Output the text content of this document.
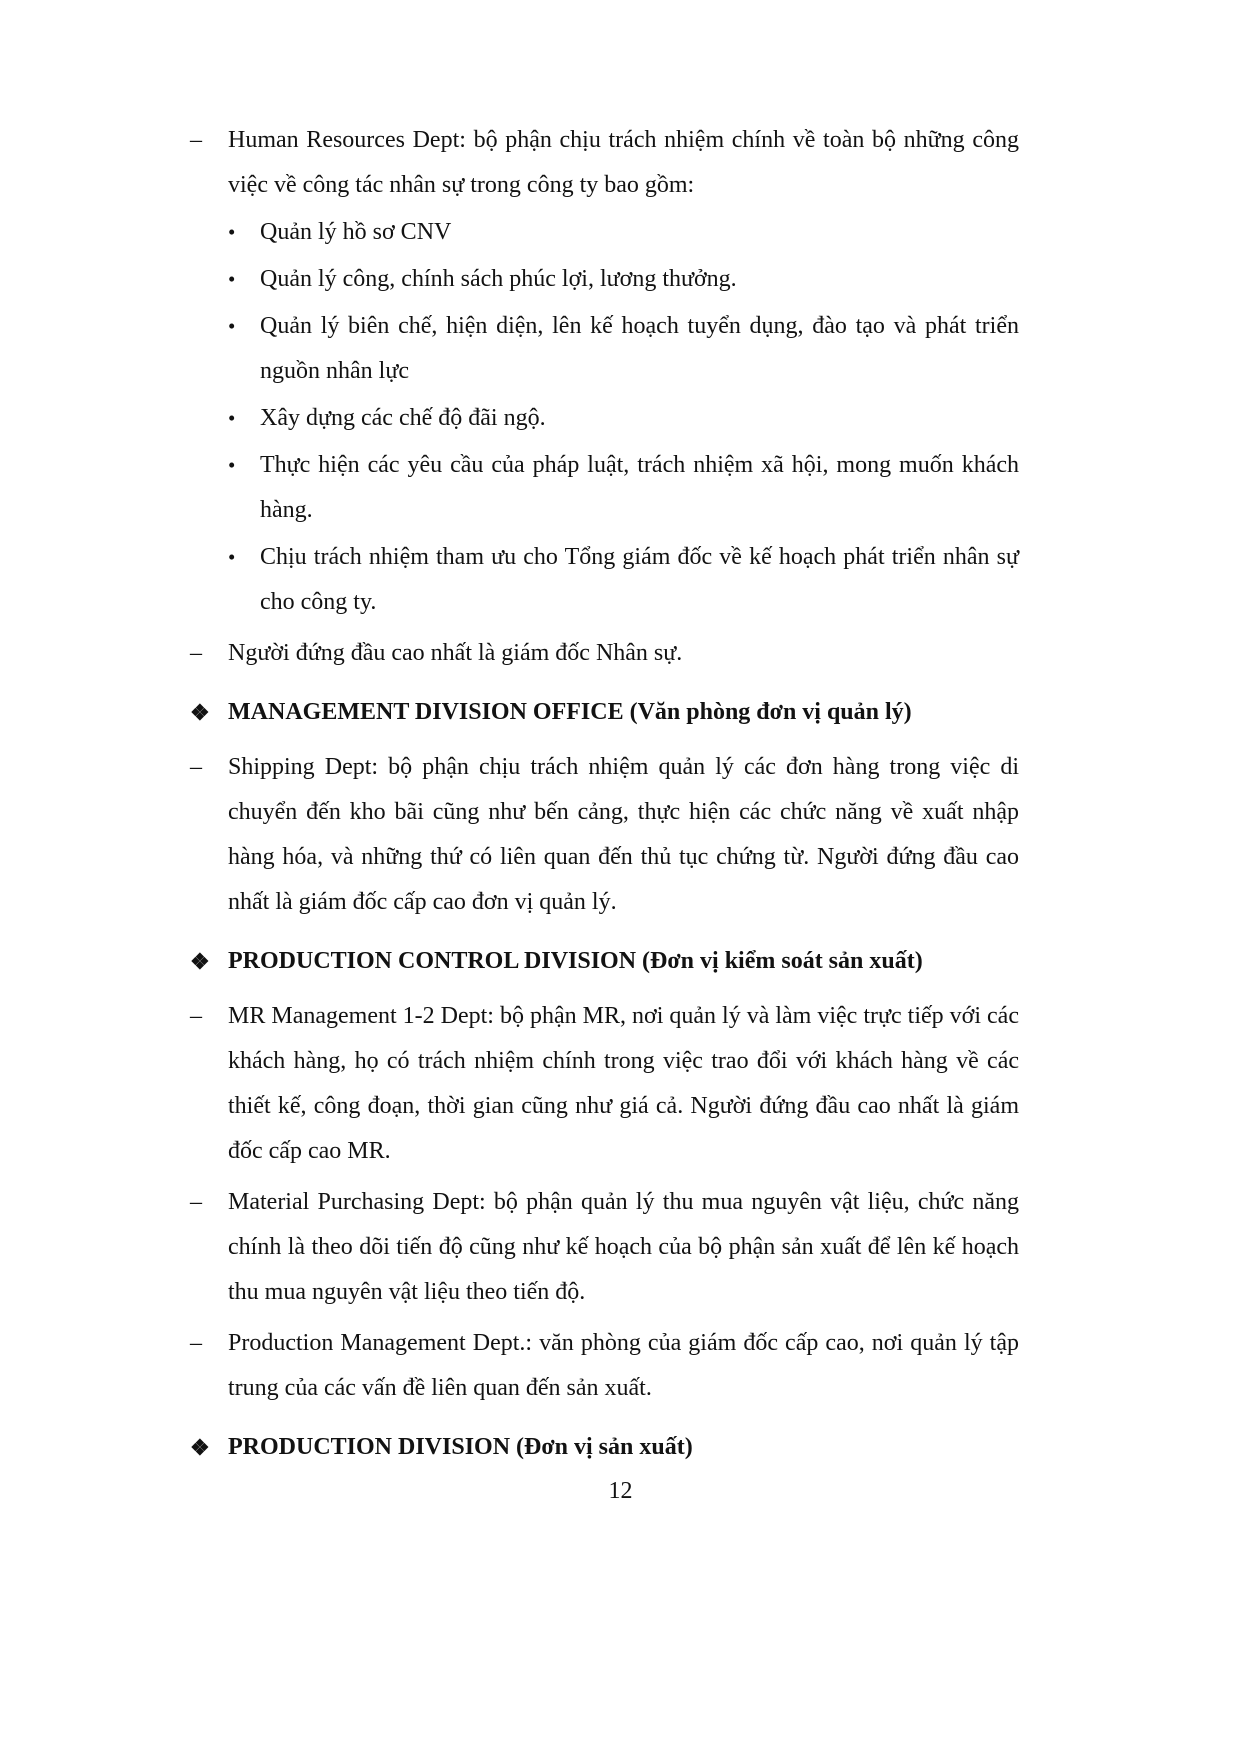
–	Human Resources Dept: bộ phận chịu trách nhiệm chính về toàn bộ những công việc về công tác nhân sự trong công ty bao gồm:
•	Quản lý hồ sơ CNV
•	Quản lý công, chính sách phúc lợi, lương thưởng.
•	Quản lý biên chế, hiện diện, lên kế hoạch tuyển dụng, đào tạo và phát triển nguồn nhân lực
•	Xây dựng các chế độ đãi ngộ.
•	Thực hiện các yêu cầu của pháp luật, trách nhiệm xã hội, mong muốn khách hàng.
•	Chịu trách nhiệm tham ưu cho Tổng giám đốc về kế hoạch phát triển nhân sự cho công ty.
–	Người đứng đầu cao nhất là giám đốc Nhân sự.
❖ MANAGEMENT DIVISION OFFICE (Văn phòng đơn vị quản lý)
–	Shipping Dept: bộ phận chịu trách nhiệm quản lý các đơn hàng trong việc di chuyển đến kho bãi cũng như bến cảng, thực hiện các chức năng về xuất nhập hàng hóa, và những thứ có liên quan đến thủ tục chứng từ. Người đứng đầu cao nhất là giám đốc cấp cao đơn vị quản lý.
❖ PRODUCTION CONTROL DIVISION (Đơn vị kiểm soát sản xuất)
–	MR Management 1-2 Dept: bộ phận MR, nơi quản lý và làm việc trực tiếp với các khách hàng, họ có trách nhiệm chính trong việc trao đổi với khách hàng về các thiết kế, công đoạn, thời gian cũng như giá cả. Người đứng đầu cao nhất là giám đốc cấp cao MR.
–	Material Purchasing Dept: bộ phận quản lý thu mua nguyên vật liệu, chức năng chính là theo dõi tiến độ cũng như kế hoạch của bộ phận sản xuất để lên kế hoạch thu mua nguyên vật liệu theo tiến độ.
–	Production Management Dept.: văn phòng của giám đốc cấp cao, nơi quản lý tập trung của các vấn đề liên quan đến sản xuất.
❖ PRODUCTION DIVISION (Đơn vị sản xuất)
12
